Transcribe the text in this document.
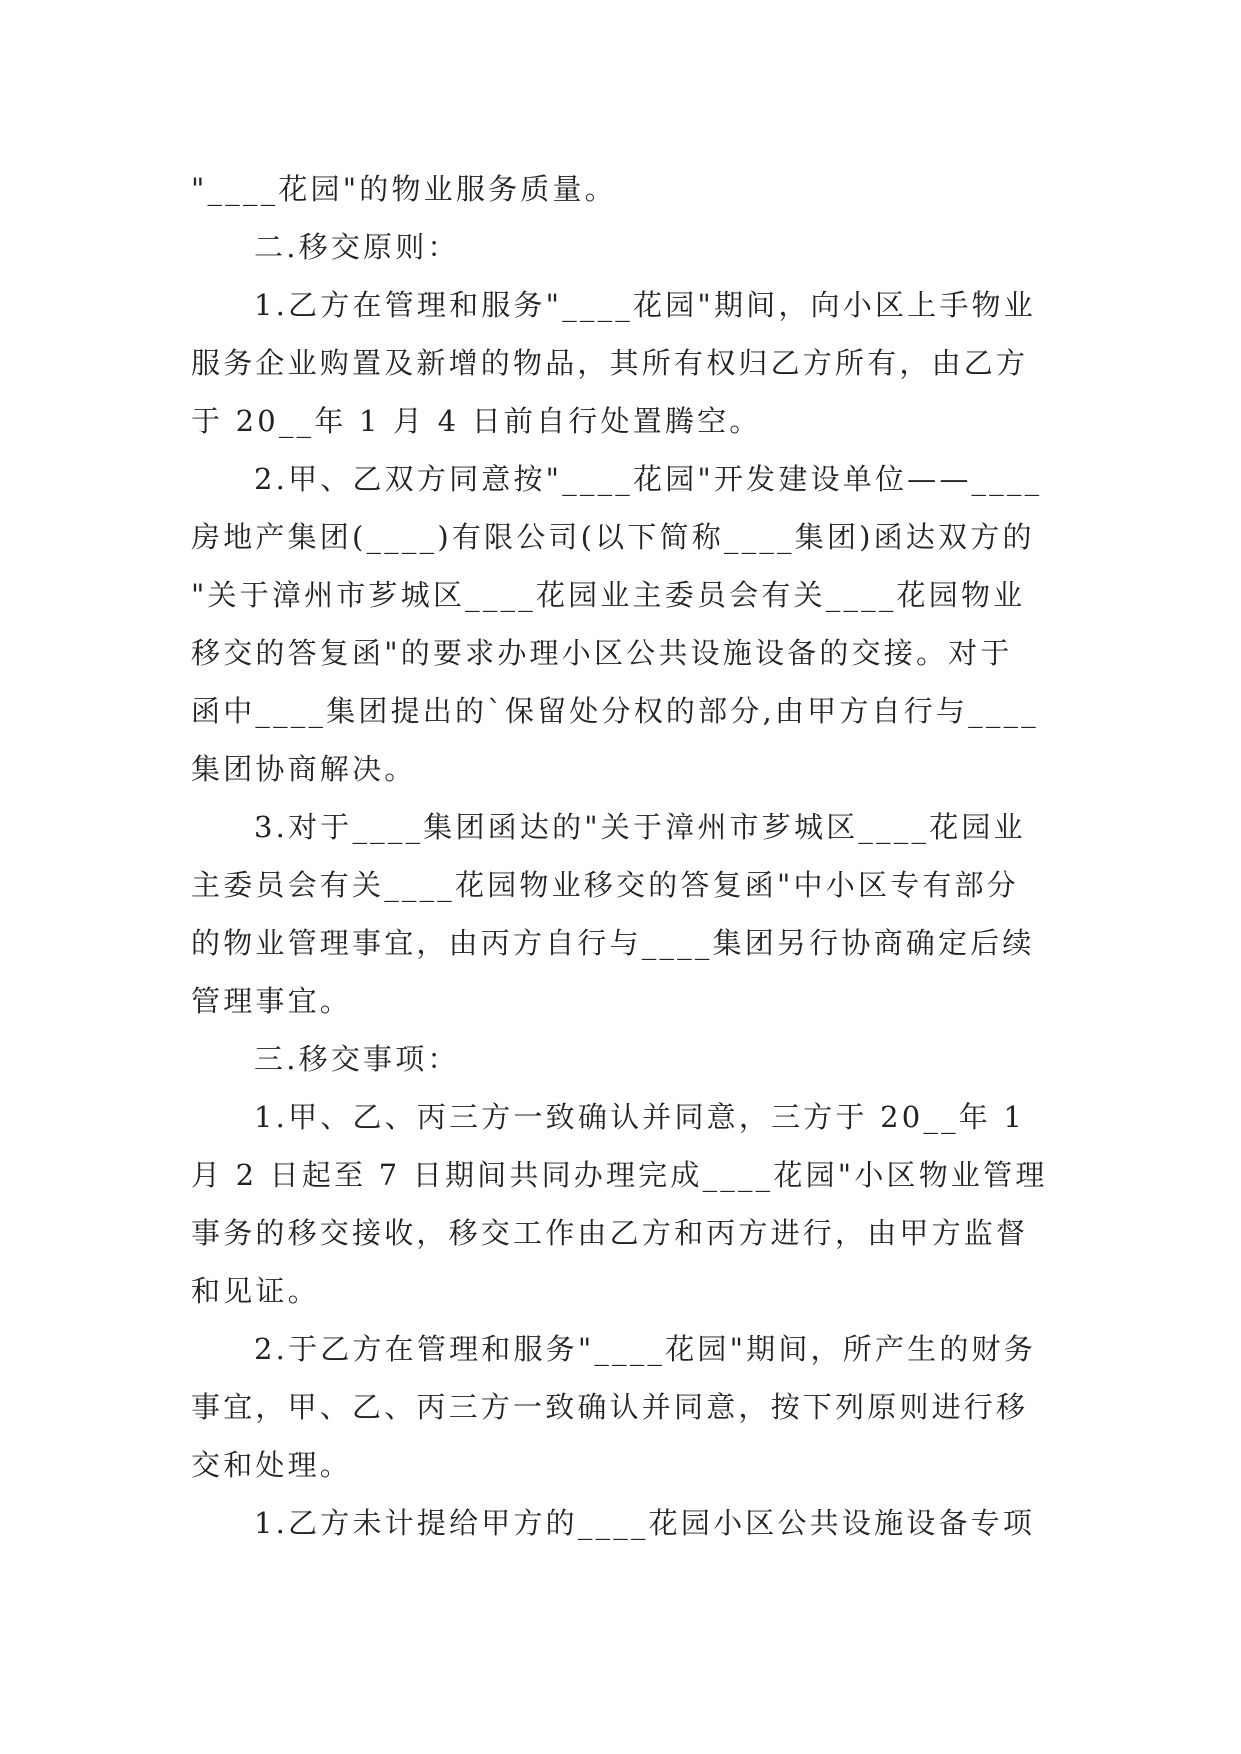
"____花园"的物业服务质量。
二.移交原则：
1.乙方在管理和服务"____花园"期间，向小区上手物业
服务企业购置及新增的物品，其所有权归乙方所有，由乙方
于 20__年 1 月 4 日前自行处置腾空。
2.甲、乙双方同意按"____花园"开发建设单位——____
房地产集团(____)有限公司(以下简称____集团)函达双方的
"关于漳州市芗城区____花园业主委员会有关____花园物业
移交的答复函"的要求办理小区公共设施设备的交接。对于
函中____集团提出的`保留处分权的部分,由甲方自行与____
集团协商解决。
3.对于____集团函达的"关于漳州市芗城区____花园业
主委员会有关____花园物业移交的答复函"中小区专有部分
的物业管理事宜，由丙方自行与____集团另行协商确定后续
管理事宜。
三.移交事项：
1.甲、乙、丙三方一致确认并同意，三方于 20__年 1
月 2 日起至 7 日期间共同办理完成____花园"小区物业管理
事务的移交接收，移交工作由乙方和丙方进行，由甲方监督
和见证。
2.于乙方在管理和服务"____花园"期间，所产生的财务
事宜，甲、乙、丙三方一致确认并同意，按下列原则进行移
交和处理。
1.乙方未计提给甲方的____花园小区公共设施设备专项
